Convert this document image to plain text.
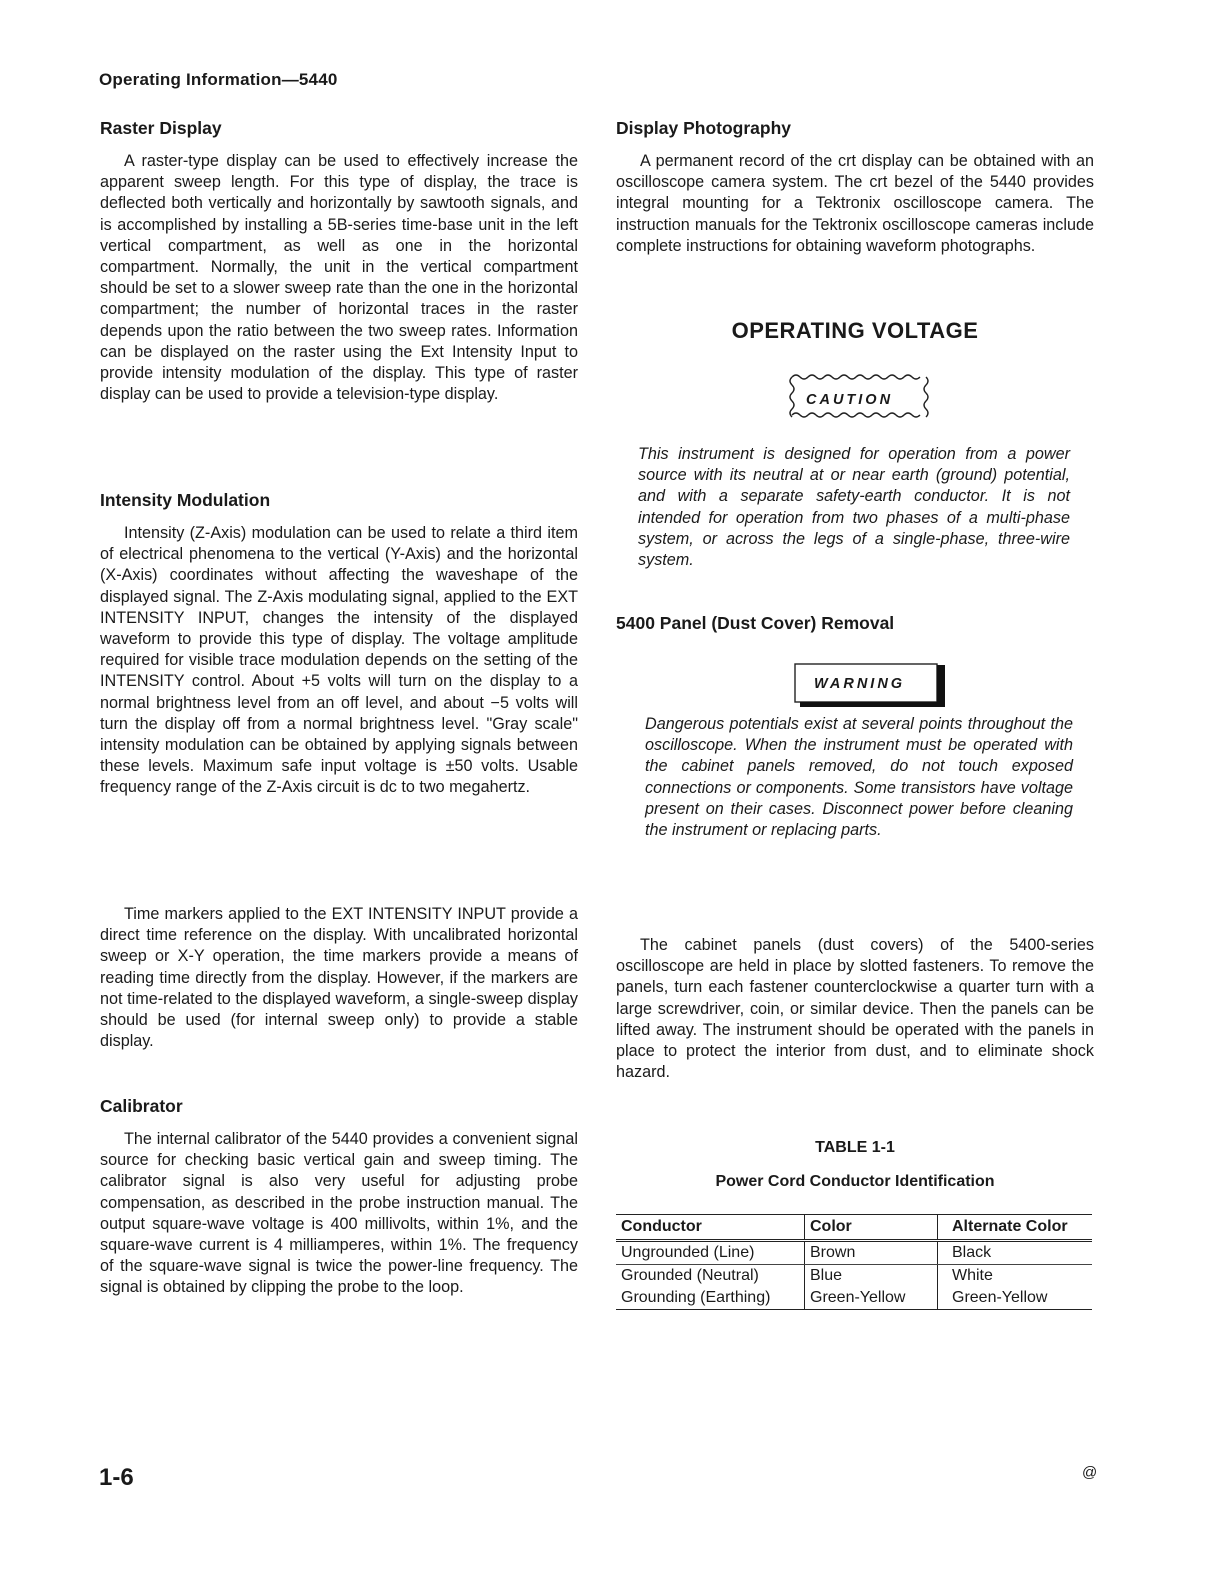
Operating Information—5440
Raster Display

A raster-type display can be used to effectively increase the apparent sweep length. For this type of display, the trace is deflected both vertically and horizontally by sawtooth signals, and is accomplished by installing a 5B-series time-base unit in the left vertical compartment, as well as one in the horizontal compartment. Normally, the unit in the vertical compartment should be set to a slower sweep rate than the one in the horizontal compartment; the number of horizontal traces in the raster depends upon the ratio between the two sweep rates. Information can be displayed on the raster using the Ext Intensity Input to provide intensity modulation of the display. This type of raster display can be used to provide a television-type display.

Intensity Modulation

Intensity (Z-Axis) modulation can be used to relate a third item of electrical phenomena to the vertical (Y-Axis) and the horizontal (X-Axis) coordinates without affecting the waveshape of the displayed signal. The Z-Axis modulating signal, applied to the EXT INTENSITY INPUT, changes the intensity of the displayed waveform to provide this type of display. The voltage amplitude required for visible trace modulation depends on the setting of the INTENSITY control. About +5 volts will turn on the display to a normal brightness level from an off level, and about −5 volts will turn the display off from a normal brightness level. "Gray scale" intensity modulation can be obtained by applying signals between these levels. Maximum safe input voltage is ±50 volts. Usable frequency range of the Z-Axis circuit is dc to two megahertz.

Time markers applied to the EXT INTENSITY INPUT provide a direct time reference on the display. With uncalibrated horizontal sweep or X-Y operation, the time markers provide a means of reading time directly from the display. However, if the markers are not time-related to the displayed waveform, a single-sweep display should be used (for internal sweep only) to provide a stable display.

Calibrator

The internal calibrator of the 5440 provides a convenient signal source for checking basic vertical gain and sweep timing. The calibrator signal is also very useful for adjusting probe compensation, as described in the probe instruction manual. The output square-wave voltage is 400 millivolts, within 1%, and the square-wave current is 4 milliamperes, within 1%. The frequency of the square-wave signal is twice the power-line frequency. The signal is obtained by clipping the probe to the loop.

Display Photography

A permanent record of the crt display can be obtained with an oscilloscope camera system. The crt bezel of the 5440 provides integral mounting for a Tektronix oscilloscope camera. The instruction manuals for the Tektronix oscilloscope cameras include complete instructions for obtaining waveform photographs.

OPERATING VOLTAGE
CAUTION

This instrument is designed for operation from a power source with its neutral at or near earth (ground) potential, and with a separate safety-earth conductor. It is not intended for operation from two phases of a multi-phase system, or across the legs of a single-phase, three-wire system.

5400 Panel (Dust Cover) Removal
WARNING

Dangerous potentials exist at several points throughout the oscilloscope. When the instrument must be operated with the cabinet panels removed, do not touch exposed connections or components. Some transistors have voltage present on their cases. Disconnect power before cleaning the instrument or replacing parts.

The cabinet panels (dust covers) of the 5400-series oscilloscope are held in place by slotted fasteners. To remove the panels, turn each fastener counterclockwise a quarter turn with a large screwdriver, coin, or similar device. Then the panels can be lifted away. The instrument should be operated with the panels in place to protect the interior from dust, and to eliminate shock hazard.

TABLE 1-1
Power Cord Conductor Identification
Conductor	Color	Alternate Color
Ungrounded (Line)	Brown	Black
Grounded (Neutral)	Blue	White
Grounding (Earthing)	Green-Yellow	Green-Yellow
1-6	@
